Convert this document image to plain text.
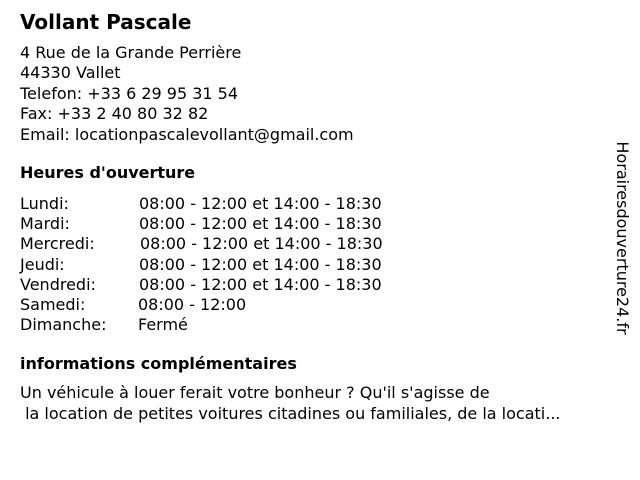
Vollant Pascale
4 Rue de la Grande Perrière
44330 Vallet
Telefon: +33 6 29 95 31 54
Fax: +33 2 40 80 32 82
Email: locationpascalevollant@gmail.com
Heures d'ouverture
Lundi:	08:00 - 12:00 et 14:00 - 18:30
Mardi:	08:00 - 12:00 et 14:00 - 18:30
Mercredi:	08:00 - 12:00 et 14:00 - 18:30
Jeudi:	08:00 - 12:00 et 14:00 - 18:30
Vendredi:	08:00 - 12:00 et 14:00 - 18:30
Samedi:	08:00 - 12:00
Dimanche: Fermé
informations complémentaires
Un véhicule à louer ferait votre bonheur ? Qu'il s'agisse de
la location de petites voitures citadines ou familiales, de la locati...
Horairesdouverture24.fr
